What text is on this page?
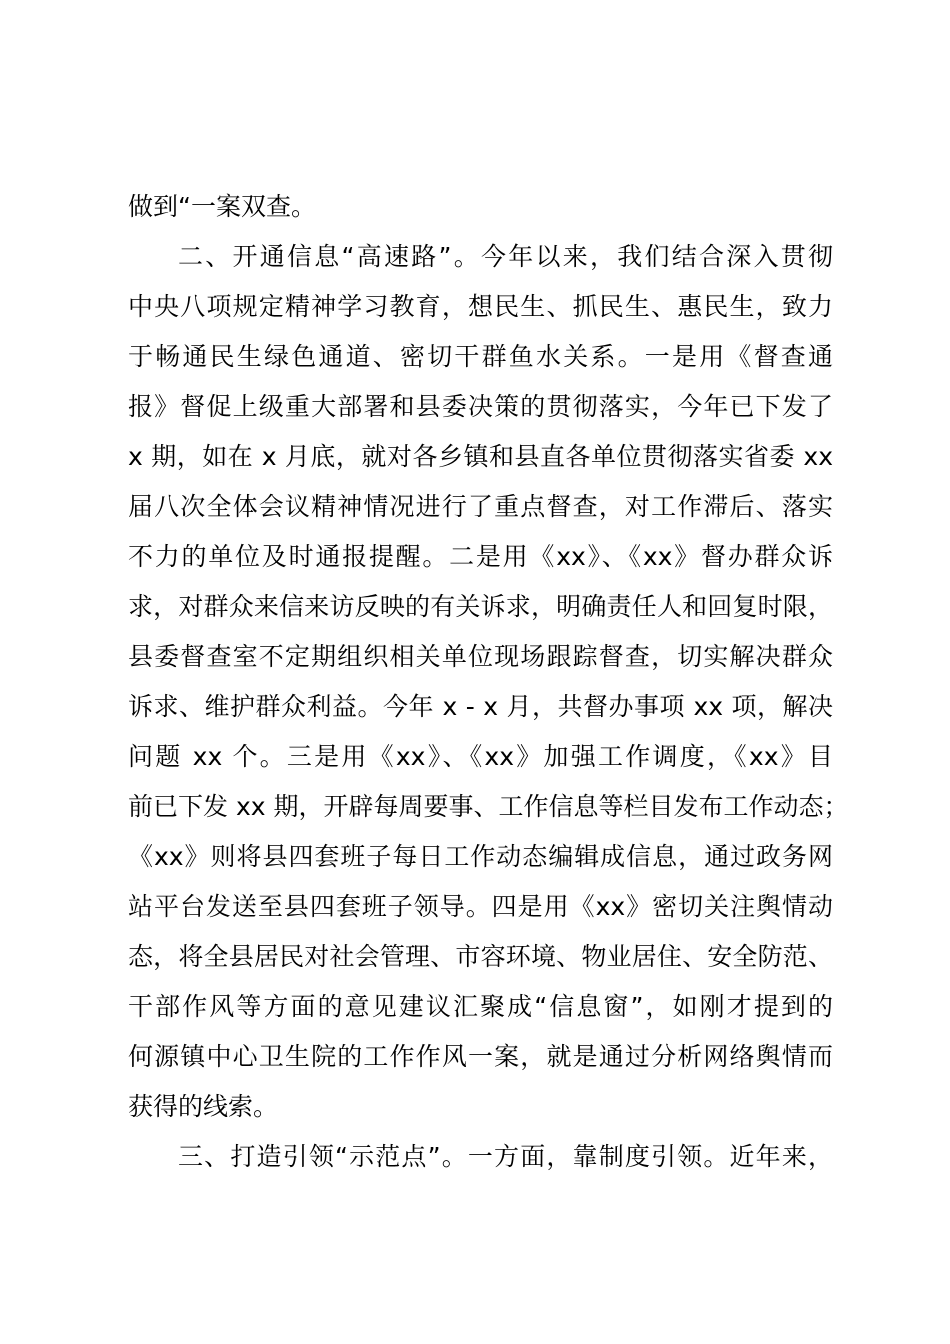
做到“一案双查。
二、开通信息“高速路”。今年以来，我们结合深入贯彻
中央八项规定精神学习教育，想民生、抓民生、惠民生，致力
于畅通民生绿色通道、密切干群鱼水关系。一是用《督查通
报》督促上级重大部署和县委决策的贯彻落实，今年已下发了
x 期，如在 x 月底，就对各乡镇和县直各单位贯彻落实省委 xx
届八次全体会议精神情况进行了重点督查，对工作滞后、落实
不力的单位及时通报提醒。二是用《xx》、《xx》督办群众诉
求，对群众来信来访反映的有关诉求，明确责任人和回复时限，
县委督查室不定期组织相关单位现场跟踪督查，切实解决群众
诉求、维护群众利益。今年 x - x 月，共督办事项 xx 项，解决
问题 xx 个。三是用《xx》、《xx》加强工作调度，《xx》目
前已下发 xx 期，开辟每周要事、工作信息等栏目发布工作动态；
《xx》则将县四套班子每日工作动态编辑成信息，通过政务网
站平台发送至县四套班子领导。四是用《xx》密切关注舆情动
态，将全县居民对社会管理、市容环境、物业居住、安全防范、
干部作风等方面的意见建议汇聚成“信息窗”，如刚才提到的
何源镇中心卫生院的工作作风一案，就是通过分析网络舆情而
获得的线索。
三、打造引领“示范点”。一方面，靠制度引领。近年来，
